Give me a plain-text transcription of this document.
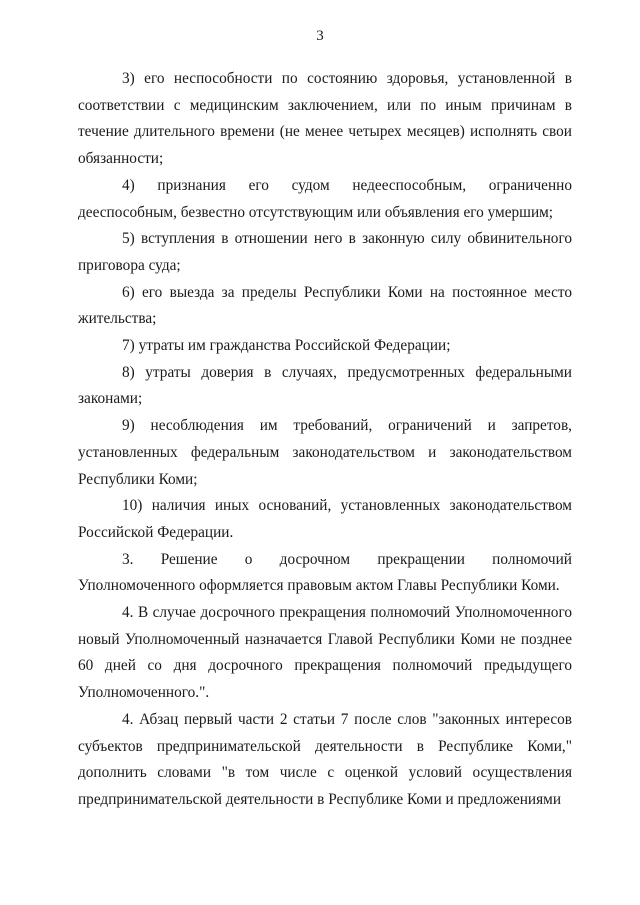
3

3) его неспособности по состоянию здоровья, установленной в соответствии с медицинским заключением, или по иным причинам в течение длительного времени (не менее четырех месяцев) исполнять свои обязанности;

4) признания его судом недееспособным, ограниченно дееспособным, безвестно отсутствующим или объявления его умершим;

5) вступления в отношении него в законную силу обвинительного приговора суда;

6) его выезда за пределы Республики Коми на постоянное место жительства;

7) утраты им гражданства Российской Федерации;

8) утраты доверия в случаях, предусмотренных федеральными законами;

9) несоблюдения им требований, ограничений и запретов, установленных федеральным законодательством и законодательством Республики Коми;

10) наличия иных оснований, установленных законодательством Российской Федерации.

3. Решение о досрочном прекращении полномочий Уполномоченного оформляется правовым актом Главы Республики Коми.

4. В случае досрочного прекращения полномочий Уполномоченного новый Уполномоченный назначается Главой Республики Коми не позднее 60 дней со дня досрочного прекращения полномочий предыдущего Уполномоченного.".

4. Абзац первый части 2 статьи 7 после слов "законных интересов субъектов предпринимательской деятельности в Республике Коми," дополнить словами "в том числе с оценкой условий осуществления предпринимательской деятельности в Республике Коми и предложениями
